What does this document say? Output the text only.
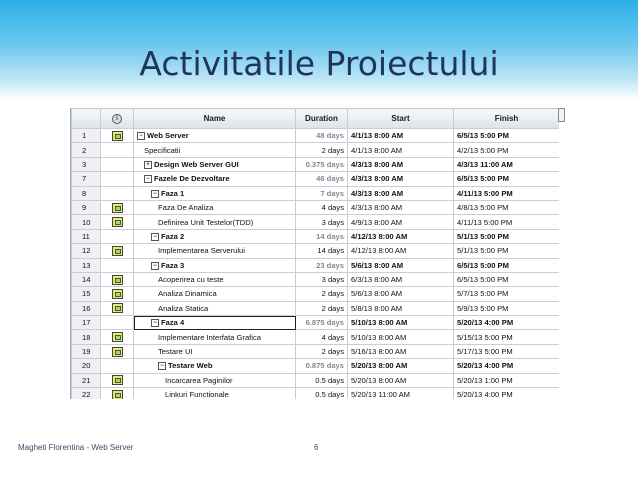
Activitatile Proiectului
	i	Name	Duration	Start	Finish
1		− Web Server	48 days	4/1/13 8:00 AM	6/5/13 5:00 PM
2		Specificatii	2 days	4/1/13 8:00 AM	4/2/13 5:00 PM
3		+ Design Web Server GUI	0.375 days	4/3/13 8:00 AM	4/3/13 11:00 AM
7		− Fazele De Dezvoltare	46 days	4/3/13 8:00 AM	6/5/13 5:00 PM
8		− Faza 1	7 days	4/3/13 8:00 AM	4/11/13 5:00 PM
9		Faza De Analiza	4 days	4/3/13 8:00 AM	4/8/13 5:00 PM
10		Definirea Unit Testelor(TDD)	3 days	4/9/13 8:00 AM	4/11/13 5:00 PM
11		− Faza 2	14 days	4/12/13 8:00 AM	5/1/13 5:00 PM
12		Implementarea Serverului	14 days	4/12/13 8:00 AM	5/1/13 5:00 PM
13		− Faza 3	23 days	5/6/13 8:00 AM	6/5/13 5:00 PM
14		Acoperirea cu teste	3 days	6/3/13 8:00 AM	6/5/13 5:00 PM
15		Analiza Dinamica	2 days	5/6/13 8:00 AM	5/7/13 5:00 PM
16		Analiza Statica	2 days	5/8/13 8:00 AM	5/9/13 5:00 PM
17		− Faza 4	6.875 days	5/10/13 8:00 AM	5/20/13 4:00 PM
18		Implementare Interfata Grafica	4 days	5/10/13 8:00 AM	5/15/13 5:00 PM
19		Testare UI	2 days	5/16/13 8:00 AM	5/17/13 5:00 PM
20		− Testare Web	0.875 days	5/20/13 8:00 AM	5/20/13 4:00 PM
21		Incarcarea Paginilor	0.5 days	5/20/13 8:00 AM	5/20/13 1:00 PM
22		Linkuri Functionale	0.5 days	5/20/13 11:00 AM	5/20/13 4:00 PM
Magheti Florentina - Web Server	6
